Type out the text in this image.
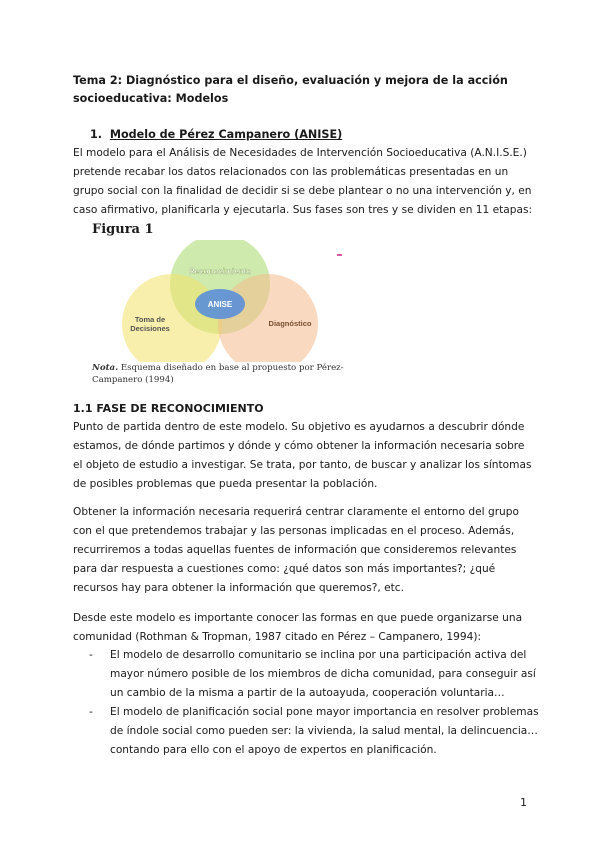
Tema 2: Diagnóstico para el diseño, evaluación y mejora de la acción socioeducativa: Modelos
1. Modelo de Pérez Campanero (ANISE)
El modelo para el Análisis de Necesidades de Intervención Socioeducativa (A.N.I.S.E.) pretende recabar los datos relacionados con las problemáticas presentadas en un grupo social con la finalidad de decidir si se debe plantear o no una intervención y, en caso afirmativo, planificarla y ejecutarla. Sus fases son tres y se dividen en 11 etapas:
Figura 1
Reconocimiento
Toma de
Decisiones
Diagnóstico
ANISE
Nota. Esquema diseñado en base al propuesto por Pérez-Campanero (1994)
1.1 FASE DE RECONOCIMIENTO
Punto de partida dentro de este modelo. Su objetivo es ayudarnos a descubrir dónde estamos, de dónde partimos y dónde y cómo obtener la información necesaria sobre el objeto de estudio a investigar. Se trata, por tanto, de buscar y analizar los síntomas de posibles problemas que pueda presentar la población.
Obtener la información necesaria requerirá centrar claramente el entorno del grupo con el que pretendemos trabajar y las personas implicadas en el proceso. Además, recurriremos a todas aquellas fuentes de información que consideremos relevantes para dar respuesta a cuestiones como: ¿qué datos son más importantes?; ¿qué recursos hay para obtener la información que queremos?, etc.
Desde este modelo es importante conocer las formas en que puede organizarse una comunidad (Rothman & Tropman, 1987 citado en Pérez – Campanero, 1994):
- El modelo de desarrollo comunitario se inclina por una participación activa del mayor número posible de los miembros de dicha comunidad, para conseguir así un cambio de la misma a partir de la autoayuda, cooperación voluntaria…
- El modelo de planificación social pone mayor importancia en resolver problemas de índole social como pueden ser: la vivienda, la salud mental, la delincuencia… contando para ello con el apoyo de expertos en planificación.
1
